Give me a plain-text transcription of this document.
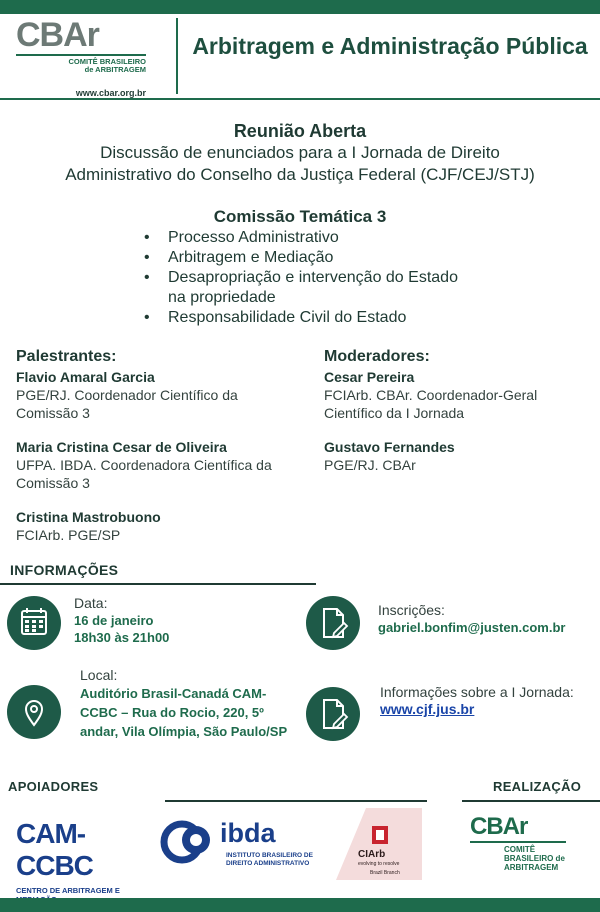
CBAr
COMITÊ BRASILEIRO
de ARBITRAGEM
www.cbar.org.br
Arbitragem e Administração Pública
Reunião Aberta
Discussão de enunciados para a I Jornada de Direito
Administrativo do Conselho da Justiça Federal (CJF/CEJ/STJ)
Comissão Temática 3
• Processo Administrativo
• Arbitragem e Mediação
• Desapropriação e intervenção do Estado na propriedade
• Responsabilidade Civil do Estado
Palestrantes:
Flavio Amaral Garcia
PGE/RJ. Coordenador Científico da Comissão 3
Maria Cristina Cesar de Oliveira
UFPA. IBDA. Coordenadora Científica da Comissão 3
Cristina Mastrobuono
FCIArb. PGE/SP
Moderadores:
Cesar Pereira
FCIArb. CBAr. Coordenador-Geral Científico da I Jornada
Gustavo Fernandes
PGE/RJ. CBAr
INFORMAÇÕES
Data:
16 de janeiro
18h30 às 21h00
Inscrições:
gabriel.bonfim@justen.com.br
Local:
Auditório Brasil-Canadá CAM-CCBC – Rua do Rocio, 220, 5º andar, Vila Olímpia, São Paulo/SP
Informações sobre a I Jornada:
www.cjf.jus.br
APOIADORES	REALIZAÇÃO
CAM-CCBC
CENTRO DE ARBITRAGEM E
ibda
INSTITUTO BRASILEIRO DE
DIREITO ADMINISTRATIVO
CIArb
evolving to resolve
Brazil Branch
CBAr
COMITÊ
BRASILEIRO de
ARBITRAGEM
